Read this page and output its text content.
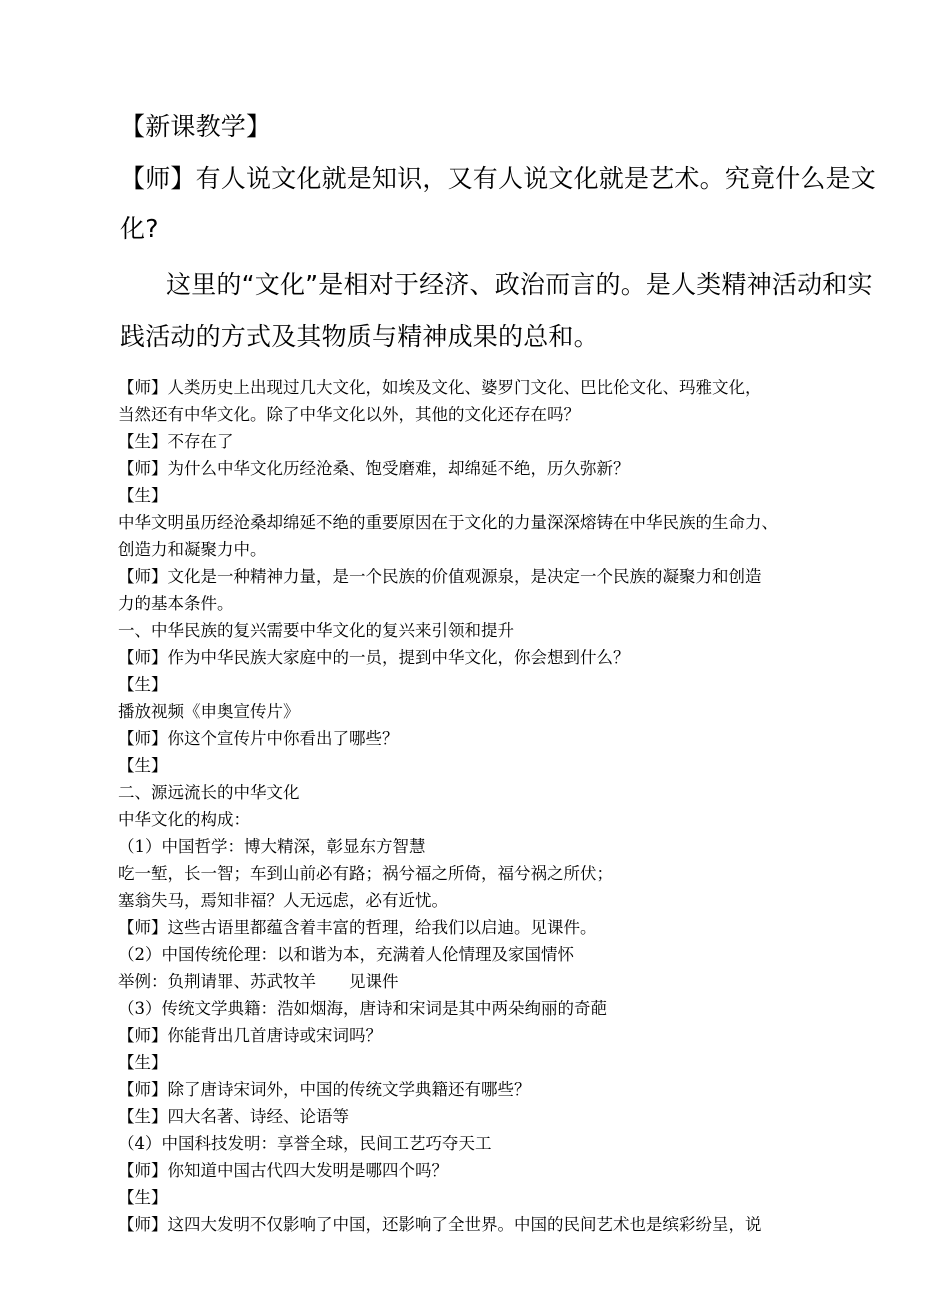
【新课教学】
【师】有人说文化就是知识，又有人说文化就是艺术。究竟什么是文
化?
这里的“文化”是相对于经济、政治而言的。是人类精神活动和实
践活动的方式及其物质与精神成果的总和。
【师】人类历史上出现过几大文化，如埃及文化、婆罗门文化、巴比伦文化、玛雅文化，
当然还有中华文化。除了中华文化以外，其他的文化还存在吗？
【生】不存在了
【师】为什么中华文化历经沧桑、饱受磨难，却绵延不绝，历久弥新？
【生】
中华文明虽历经沧桑却绵延不绝的重要原因在于文化的力量深深熔铸在中华民族的生命力、
创造力和凝聚力中。
【师】文化是一种精神力量，是一个民族的价值观源泉，是决定一个民族的凝聚力和创造
力的基本条件。
一、中华民族的复兴需要中华文化的复兴来引领和提升
【师】作为中华民族大家庭中的一员，提到中华文化，你会想到什么？
【生】
播放视频《申奥宣传片》
【师】你这个宣传片中你看出了哪些？
【生】
二、源远流长的中华文化
中华文化的构成：
（1）中国哲学：博大精深，彰显东方智慧
吃一堑，长一智；车到山前必有路；祸兮福之所倚，福兮祸之所伏；
塞翁失马，焉知非福？人无远虑，必有近忧。
【师】这些古语里都蕴含着丰富的哲理，给我们以启迪。见课件。
（2）中国传统伦理：以和谐为本，充满着人伦情理及家国情怀
举例：负荆请罪、苏武牧羊　　见课件
（3）传统文学典籍：浩如烟海，唐诗和宋词是其中两朵绚丽的奇葩
【师】你能背出几首唐诗或宋词吗？
【生】
【师】除了唐诗宋词外，中国的传统文学典籍还有哪些？
【生】四大名著、诗经、论语等
（4）中国科技发明：享誉全球，民间工艺巧夺天工
【师】你知道中国古代四大发明是哪四个吗？
【生】
【师】这四大发明不仅影响了中国，还影响了全世界。中国的民间艺术也是缤彩纷呈，说
